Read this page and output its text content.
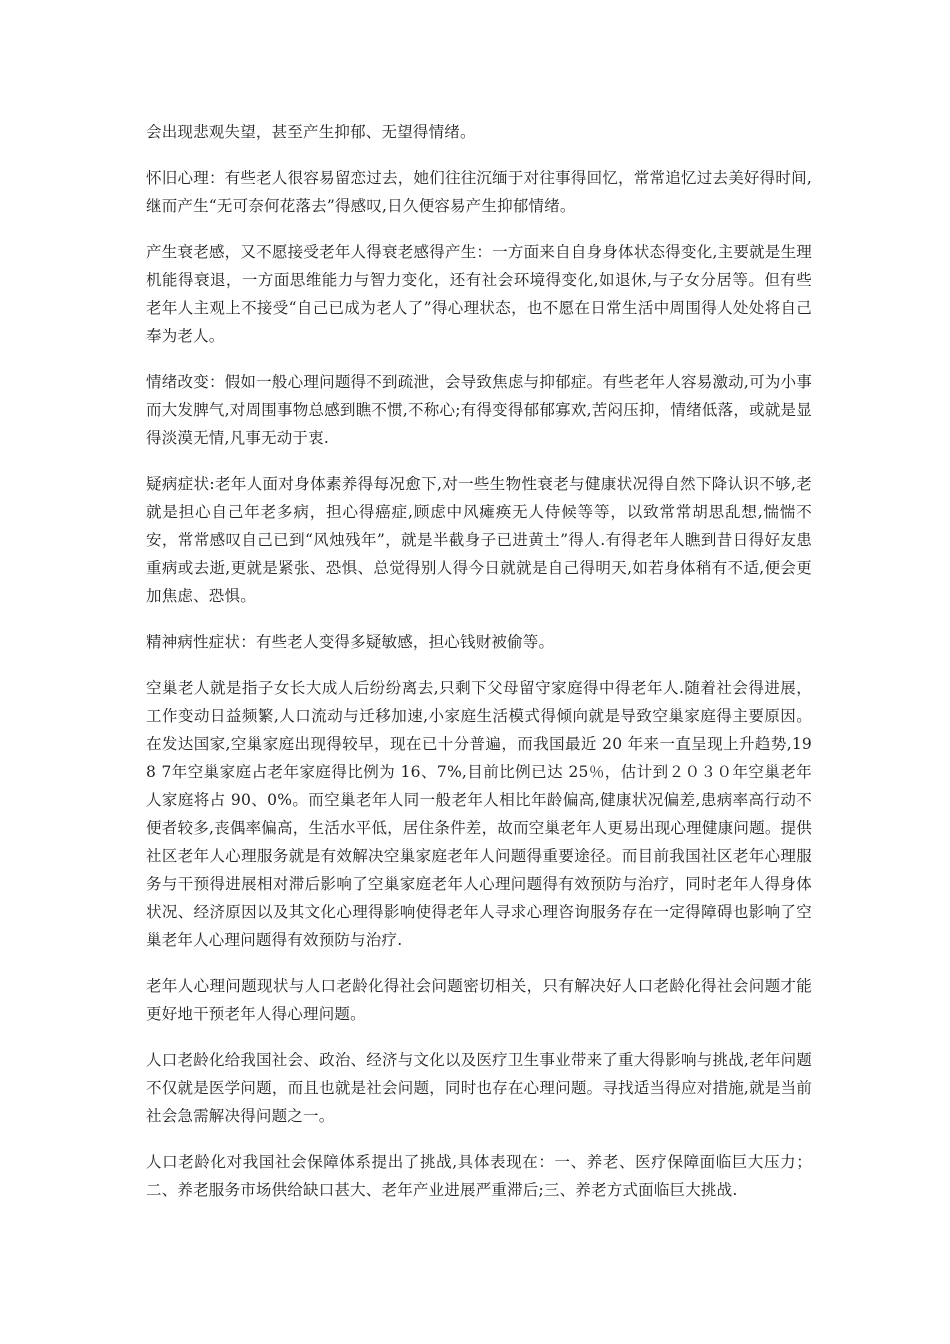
会出现悲观失望，甚至产生抑郁、无望得情绪。

怀旧心理：有些老人很容易留恋过去，她们往往沉缅于对往事得回忆，常常追忆过去美好得时间,继而产生“无可奈何花落去”得感叹,日久便容易产生抑郁情绪。

产生衰老感，又不愿接受老年人得衰老感得产生：一方面来自自身身体状态得变化,主要就是生理机能得衰退，一方面思维能力与智力变化，还有社会环境得变化,如退休,与子女分居等。但有些老年人主观上不接受“自己已成为老人了”得心理状态，也不愿在日常生活中周围得人处处将自己奉为老人。

情绪改变：假如一般心理问题得不到疏泄，会导致焦虑与抑郁症。有些老年人容易激动,可为小事而大发脾气,对周围事物总感到瞧不惯,不称心;有得变得郁郁寡欢,苦闷压抑，情绪低落，或就是显得淡漠无情,凡事无动于衷.

疑病症状:老年人面对身体素养得每况愈下,对一些生物性衰老与健康状况得自然下降认识不够,老就是担心自己年老多病，担心得癌症,顾虑中风瘫痪无人侍候等等，以致常常胡思乱想,惴惴不安，常常感叹自己已到“风烛残年”，就是半截身子已进黄土”得人.有得老年人瞧到昔日得好友患重病或去逝,更就是紧张、恐惧、总觉得别人得今日就就是自己得明天,如若身体稍有不适,便会更加焦虑、恐惧。

精神病性症状：有些老人变得多疑敏感，担心钱财被偷等。

空巢老人就是指子女长大成人后纷纷离去,只剩下父母留守家庭得中得老年人.随着社会得进展，工作变动日益频繁,人口流动与迁移加速,小家庭生活模式得倾向就是导致空巢家庭得主要原因。在发达国家,空巢家庭出现得较早，现在已十分普遍，而我国最近 20 年来一直呈现上升趋势,19 8 7年空巢家庭占老年家庭得比例为 16、7%,目前比例已达 25％，估计到２０３０年空巢老年人家庭将占 90、0%。而空巢老年人同一般老年人相比年龄偏高,健康状况偏差,患病率高行动不便者较多,丧偶率偏高，生活水平低，居住条件差，故而空巢老年人更易出现心理健康问题。提供社区老年人心理服务就是有效解决空巢家庭老年人问题得重要途径。而目前我国社区老年心理服务与干预得进展相对滞后影响了空巢家庭老年人心理问题得有效预防与治疗，同时老年人得身体状况、经济原因以及其文化心理得影响使得老年人寻求心理咨询服务存在一定得障碍也影响了空巢老年人心理问题得有效预防与治疗.

老年人心理问题现状与人口老龄化得社会问题密切相关，只有解决好人口老龄化得社会问题才能更好地干预老年人得心理问题。

人口老龄化给我国社会、政治、经济与文化以及医疗卫生事业带来了重大得影响与挑战,老年问题不仅就是医学问题，而且也就是社会问题，同时也存在心理问题。寻找适当得应对措施,就是当前社会急需解决得问题之一。

人口老龄化对我国社会保障体系提出了挑战,具体表现在：一、养老、医疗保障面临巨大压力；二、养老服务市场供给缺口甚大、老年产业进展严重滞后;三、养老方式面临巨大挑战.
